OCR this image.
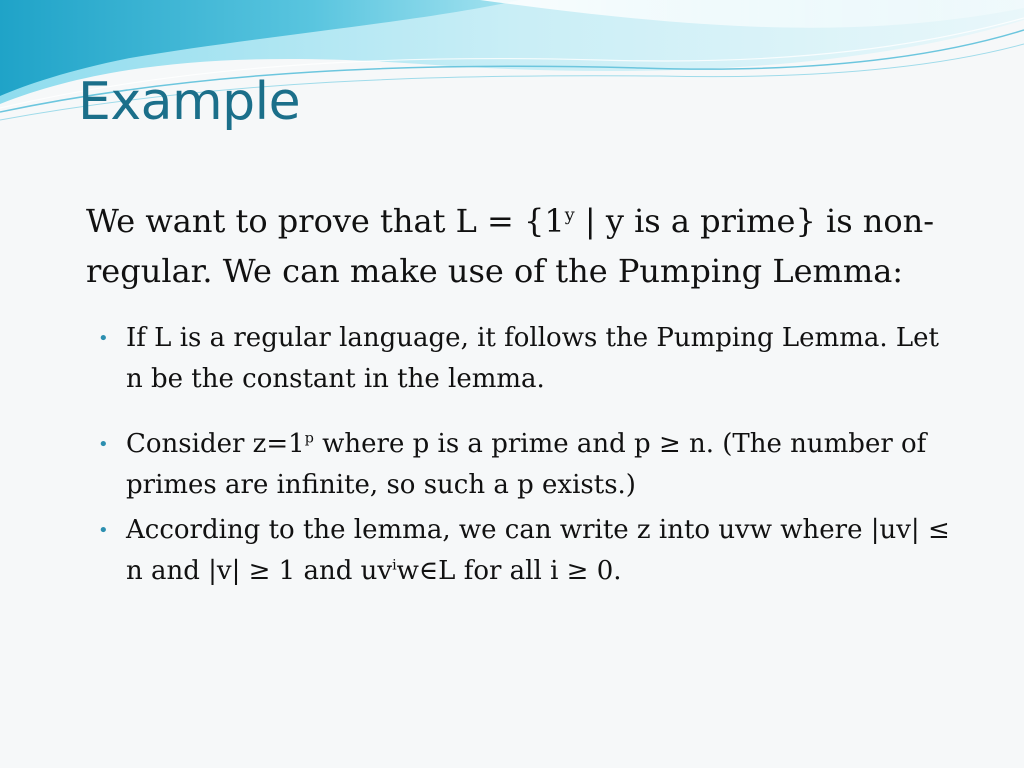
Example

We want to prove that $L = \{1^y$ | y is a prime} is non-regular. We can make use of the Pumping Lemma:

• If L is a regular language, it follows the Pumping Lemma. Let n be the constant in the lemma.
• Consider $z=1^p$ where p is a prime and p ≥ n. (The number of primes are infinite, so such a p exists.)
• According to the lemma, we can write z into uvw where |uv| ≤ n and |v| ≥ 1 and $uv^iw\in L$ for all i ≥ 0.
